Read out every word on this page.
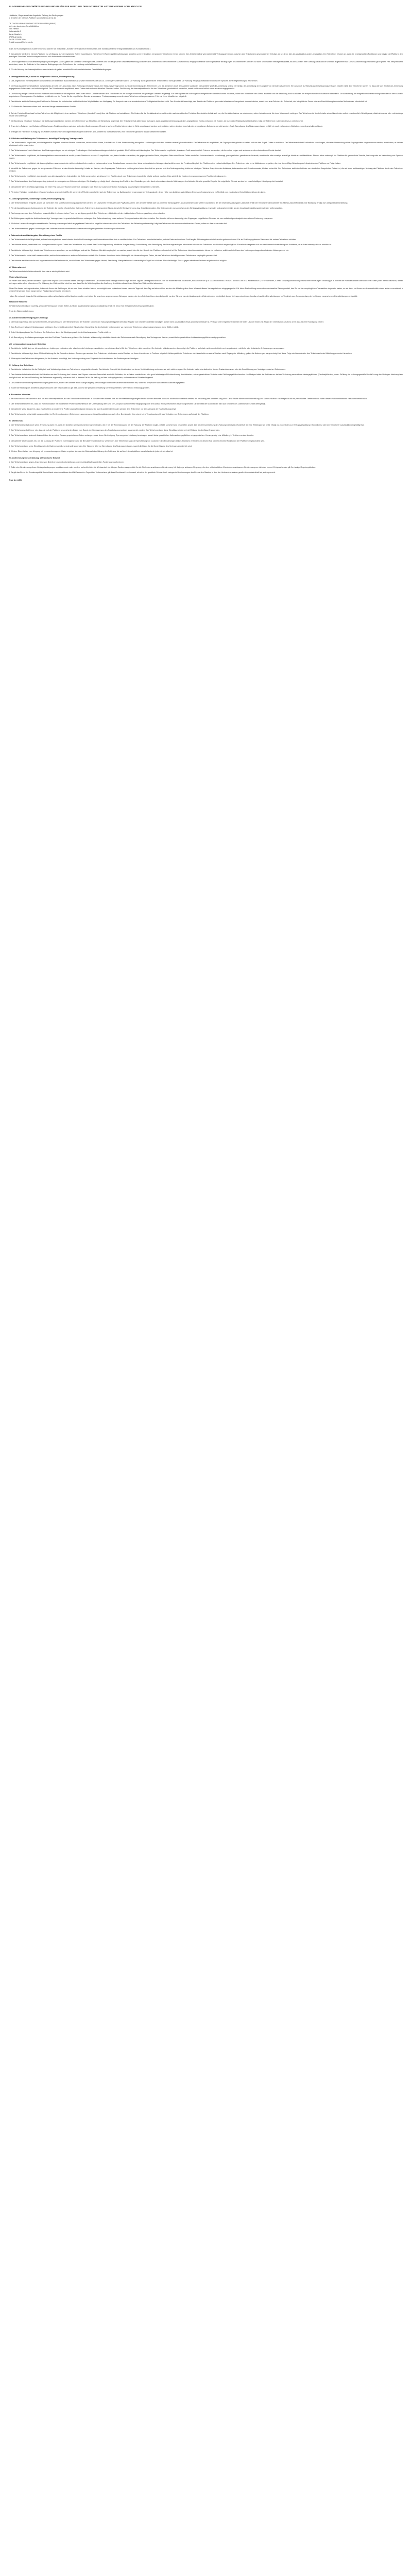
ALLGEMEINE GESCHÄFTSBEDINGUNGEN FÜR DIE NUTZUNG DER INTERNETPLATTFORM WWW.LORLANDO.DE

I. Anbieter, Gegenstand des Angebots, Geltung der Bedingungen

1. Anbieter der Internet-Plattform www.lorlando.de ist die

DE CAGRI MEHMED HEIMSTÄTTER LIMITED (BRKIT)
Vertreten durch den Geschäftsführer
Elek Herbst
Keltenstraße 3
Berlin Straße 9
57070 Arnstein
Tel: 06 1234567890
E-Mail: support@lorlando.de

(Falls Sie Kontakt per nicht-nutzen möchten, können Sie im Bereich „Kontakt“ eine Nachricht hinterlassen. Die Kontaktaufnahme erfolgt direkt über das Kontaktformular.)

2. Der Anbieter stellt eine Internet-Plattform zur Verfügung, auf der registrierte Nutzer (nachfolgend „Teilnehmer“) Waren und Dienstleistungen anbieten und in Interaktion mit anderen Teilnehmern treten können. Der Anbieter selbst wird dabei nicht Vertragspartner der zwischen den Teilnehmern geschlossenen Verträge, es sei denn, dies ist ausdrücklich anders angegeben. Der Teilnehmer erkennt an, dass die bereitgestellten Funktionen und Inhalte der Plattform dem jeweiligen Stand der Technik entsprechen und sich fortlaufend weiterentwickeln.

3. Diese Allgemeinen Geschäftsbedingungen (nachfolgend „AGB“) gelten für sämtliche Leistungen des Anbieters und für die gesamte Geschäftsbeziehung zwischen dem Anbieter und dem Teilnehmer. Abweichende, entgegenstehende oder ergänzende Bedingungen des Teilnehmers werden nur dann und insoweit Vertragsbestandteil, als der Anbieter ihrer Geltung ausdrücklich schriftlich zugestimmt hat. Dieses Zustimmungserfordernis gilt in jedem Fall, beispielsweise auch dann, wenn der Anbieter in Kenntnis der Bedingungen des Teilnehmers die Leistung vorbehaltlos erbringt.

4. Für die Nutzung der Internetplattform www.lorlando.de gelten ausschließlich die nachstehenden Geschäftsbedingungen.

II. Vertragsabschluss, Kosten für entgeltliche Dienste, Preisanpassung

1. Das Angebot der Internetplattform www.lorlando.de richtet sich ausschließlich an private Teilnehmer, die das 18. Lebensjahr vollendet haben. Die Nutzung durch gewerbliche Teilnehmer ist nicht gestattet. Die Nutzung erfolgt grundsätzlich in deutscher Sprache. Eine Registrierung ist erforderlich.

2. Die Nutzung der Internetplattform www.lorlando.de setzt den Abschluss eines Nutzungsvertrages voraus. Der Nutzungsvertrag kommt durch die Anmeldung des Teilnehmers und die Annahme durch den Anbieter zustande. Der Anbieter prüft die Anmeldung und ist berechtigt, die Anmeldung ohne Angabe von Gründen abzulehnen. Ein Anspruch auf Abschluss eines Nutzungsvertrages besteht nicht. Der Teilnehmer sichert zu, dass alle von ihm bei der Anmeldung angegebenen Daten wahr und vollständig sind. Der Teilnehmer ist verpflichtet, seine Daten stets auf dem aktuellen Stand zu halten. Die Nutzung der Internetplattform ist für den Teilnehmer grundsätzlich kostenlos, soweit nicht ausdrücklich etwas anderes angegeben ist.

3. Die Nutzung einiger Dienste auf der Plattform www.lorlando.de ist entgeltlich. Die Kosten dieser Dienste werden dem Teilnehmer vor der Inanspruchnahme des jeweiligen Dienstes angezeigt. Ein Vertrag über die Nutzung eines entgeltlichen Dienstes kommt zustande, indem der Teilnehmer den Dienst auswählt und die Bestellung durch Anklicken der entsprechenden Schaltfläche abschließt. Die Abrechnung der entgeltlichen Dienste erfolgt über die von dem Anbieter angebotenen Zahlungsarten. Der Anbieter behält sich vor, die Preise für die entgeltlichen Dienste anzupassen. Preisanpassungen werden dem Teilnehmer mit angemessener Frist vor ihrem Inkrafttreten mitgeteilt.

4. Der Anbieter stellt die Nutzung der Plattform im Rahmen der technischen und betrieblichen Möglichkeiten zur Verfügung. Ein Anspruch auf eine ununterbrochene Verfügbarkeit besteht nicht. Der Anbieter ist berechtigt, den Betrieb der Plattform ganz oder teilweise vorübergehend einzuschränken, soweit dies aus Gründen der Sicherheit, der Integrität der Server oder zur Durchführung technischer Maßnahmen erforderlich ist.

5. Für Preise für Personen richten sich nach der Menge der erworbenen Punkte.

6. Bei der Funktion Einverkauf hat der Teilnehmer die Möglichkeit, einen weiteren Teilnehmer (fremde Person) über die Plattform zu kontaktieren. Die Kosten für die Kontaktaufnahme richten sich nach der aktuellen Preisliste. Der Anbieter behält sich vor, die Kontaktaufnahme zu unterbinden, sofern Anhaltspunkte für einen Missbrauch vorliegen. Der Teilnehmer ist für die Inhalte seiner Nachrichten selbst verantwortlich. Beleidigende, diskriminierende oder rechtswidrige Inhalte sind untersagt.

7. Die Bezahlung erfolgt per Vorkasse. Die Zahlungsmöglichkeiten werden dem Teilnehmer vor Abschluss der Bestellung angezeigt. Der Teilnehmer hat dafür Sorge zu tragen, dass ausreichend Deckung auf dem angegebenen Konto vorhanden ist. Kosten, die durch eine Rücklastschrift entstehen, trägt der Teilnehmer, sofern er diese zu vertreten hat.

8. Erwerbe im Rahmen von Guthaben (Abbuchungen Punkte) erfolgen nach den geltenden Bestimmungen. Einmal erworbene Punkte können nicht in Geld umgetauscht werden und verfallen, sofern sie nicht innerhalb des angegebenen Zeitraums genutzt werden. Nach Beendigung des Nutzungsvertrages verfällt ein noch vorhandenes Guthaben, soweit gesetzlich zulässig.

9. Anfragen im Falle einer Kündigung des Nutzers werden nach den allgemeinen Regeln bearbeitet. Der Anbieter ist nicht verpflichtet, vom Teilnehmer gelöschte Inhalte wiederherzustellen.

III. Pflichten und Haftung des Teilnehmers, freiwillige Kündigung, Vertragsstrafe

1. Der Teilnehmer ist verpflichtet, wahrheitsgemäße Angaben zu seiner Person zu machen, insbesondere Name, Anschrift und E-Mail-Adresse richtig anzugeben. Änderungen sind dem Anbieter unverzüglich mitzuteilen. Der Teilnehmer ist verpflichtet, die Zugangsdaten geheim zu halten und vor dem Zugriff Dritter zu schützen. Der Teilnehmer haftet für sämtliche Handlungen, die unter Verwendung seiner Zugangsdaten vorgenommen werden, es sei denn, er hat den Missbrauch nicht zu vertreten.

2. Der Teilnehmer darf nach Abschluss des Nutzungsvertrages nur ein einziges Profil anlegen. Mehrfachanmeldungen sind nicht gestattet. Ein Profil ist nicht übertragbar. Der Teilnehmer ist verpflichtet, in seinem Profil ausschließlich Fotos zu verwenden, die ihn selbst zeigen und an denen er die erforderlichen Rechte besitzt.

3. Der Teilnehmer ist verpflichtet, die Internetplattform www.lorlando.de nur für private Zwecke zu nutzen. Er verpflichtet sich, keine Inhalte einzustellen, die gegen geltendes Recht, die guten Sitten oder Rechte Dritter verstoßen. Insbesondere ist es untersagt, pornografische, gewaltverherrlichende, rassistische oder sonstige anstößige Inhalte zu veröffentlichen. Ebenso ist es untersagt, die Plattform für gewerbliche Zwecke, Werbung oder zur Verbreitung von Spam zu nutzen.

4. Der Teilnehmer ist verpflichtet, die Internetplattform www.lorlando.de nicht missbräuchlich zu nutzen, insbesondere keine Schadsoftware zu verbreiten, keine automatisierten Abfragen durchzuführen und die Funktionsfähigkeit der Plattform nicht zu beeinträchtigen. Der Teilnehmer wird keine Maßnahmen ergreifen, die eine übermäßige Belastung der Infrastruktur der Plattform zur Folge haben.

5. Verstößt der Teilnehmer gegen die vorgenannten Pflichten, ist der Anbieter berechtigt, Inhalte zu löschen, den Zugang des Teilnehmers vorübergehend oder dauerhaft zu sperren und den Nutzungsvertrag fristlos zu kündigen. Weitere Ansprüche des Anbieters, insbesondere auf Schadensersatz, bleiben unberührt. Der Teilnehmer stellt den Anbieter von sämtlichen Ansprüchen Dritter frei, die auf einer rechtswidrigen Nutzung der Plattform durch den Teilnehmer beruhen.

6. Der Teilnehmer ist verpflichtet, den Anbieter von allen Ansprüchen freizustellen, die Dritte wegen einer Verletzung ihrer Rechte durch vom Teilnehmer eingestellte Inhalte geltend machen. Dies schließt die Kosten einer angemessenen Rechtsverteidigung ein.

7. Der Teilnehmer kann den Nutzungsvertrag jederzeit ohne Angabe von Gründen kündigen. Die Kündigung erfolgt durch Löschung des Profils in den Einstellungen oder durch eine entsprechende Mitteilung an den Anbieter. Bereits gezahlte Entgelte für entgeltliche Dienste werden bei einer freiwilligen Kündigung nicht erstattet.

8. Der Anbieter kann den Nutzungsvertrag mit einer Frist von zwei Wochen ordentlich kündigen. Das Recht zur außerordentlichen Kündigung aus wichtigem Grund bleibt unberührt.

9. Für jeden Fall einer vorsätzlichen Zuwiderhandlung gegen die in Ziffer III. genannten Pflichten verpflichtet sich der Teilnehmer zur Zahlung einer angemessenen Vertragsstrafe, deren Höhe vom Anbieter nach billigem Ermessen festgesetzt und im Streitfall vom zuständigen Gericht überprüft werden kann.

IV. Zahlungsoptionen, notwendige Daten, Rechnungslegung

1. Der Teilnehmer kann Entgelte, soweit sie nicht über eine Mobilfunkrechnung abgerechnet werden, per Lastschrift, Kreditkarte oder PayPal bezahlen. Der Anbieter behält sich vor, einzelne Zahlungsarten auszuschließen oder weitere anzubieten. Bei der Wahl der Zahlungsart Lastschrift erteilt der Teilnehmer dem Anbieter ein SEPA-Lastschriftmandat. Die Belastung erfolgt zum Zeitpunkt der Bestellung.

2. Für die Abwicklung der Zahlung erhebt der Anbieter die hierfür erforderlichen Daten des Teilnehmers, insbesondere Name, Anschrift, Bankverbindung bzw. Kreditkartendaten. Die Daten werden nur zum Zweck der Zahlungsabwicklung verwendet und gegebenenfalls an den beauftragten Zahlungsdienstleister weitergegeben.

3. Rechnungen werden dem Teilnehmer ausschließlich in elektronischer Form zur Verfügung gestellt. Der Teilnehmer erklärt sich mit der elektronischen Rechnungsstellung einverstanden.

4. Bei Zahlungsverzug ist der Anbieter berechtigt, Verzugszinsen in gesetzlicher Höhe zu verlangen. Die Geltendmachung eines weiteren Verzugsschadens bleibt vorbehalten. Der Anbieter ist ferner berechtigt, den Zugang zu entgeltlichen Diensten bis zum vollständigen Ausgleich der offenen Forderung zu sperren.

5. Wird eine Lastschrift mangels ausreichender Deckung oder wegen falsch angegebener Daten nicht eingelöst oder widerspricht der Teilnehmer der Belastung unberechtigt, trägt der Teilnehmer die dadurch entstehenden Kosten, sofern er dies zu vertreten hat.

6. Der Teilnehmer kann gegen Forderungen des Anbieters nur mit unbestrittenen oder rechtskräftig festgestellten Forderungen aufrechnen.

V. Datenschutz und Weitergabe, Einrichtung eines Profils

1. Der Teilnehmer hat die Möglichkeit, auf der Internetplattform www.lorlando.de ein Profil anzulegen und Informationen über sich zu veröffentlichen. Der Teilnehmer entscheidet selbst, welche Daten er in seinem Profil angibt. Pflichtangaben sind als solche gekennzeichnet. Die im Profil angegebenen Daten sind für andere Teilnehmer sichtbar.

2. Der Anbieter erhebt, verarbeitet und nutzt personenbezogene Daten des Teilnehmers nur, soweit dies für die Begründung, inhaltliche Ausgestaltung, Durchführung oder Beendigung des Nutzungsvertrages erforderlich ist oder der Teilnehmer ausdrücklich eingewilligt hat. Einzelheiten ergeben sich aus der Datenschutzerklärung des Anbieters, die auf der Internetplattform abrufbar ist.

3. Der Anbieter ist berechtigt, Inhalte des Teilnehmers zu speichern, zu vervielfältigen und auf der Plattform öffentlich zugänglich zu machen, soweit dies für den Betrieb der Plattform erforderlich ist. Der Teilnehmer räumt dem Anbieter hierzu ein einfaches, zeitlich auf die Dauer des Nutzungsvertrages beschränktes Nutzungsrecht ein.

4. Der Teilnehmer ist selbst dafür verantwortlich, welche Informationen er anderen Teilnehmern mitteilt. Der Anbieter übernimmt keine Haftung für die Verwendung von Daten, die der Teilnehmer freiwillig anderen Teilnehmern zugänglich gemacht hat.

5. Der Anbieter setzt technische und organisatorische Maßnahmen ein, um die Daten des Teilnehmers gegen Verlust, Zerstörung, Manipulation und unberechtigten Zugriff zu schützen. Ein vollständiger Schutz gegen sämtliche Gefahren ist jedoch nicht möglich.

VI. Widerrufsrecht

Der Teilnehmer hat ein Widerrufsrecht, über das er wie folgt belehrt wird:

Widerrufsbelehrung

Sie haben das Recht, binnen vierzehn Tagen ohne Angabe von Gründen diesen Vertrag zu widerrufen. Die Widerrufsfrist beträgt vierzehn Tage ab dem Tag des Vertragsabschlusses. Um Ihr Widerrufsrecht auszuüben, müssen Sie uns (DE CAGRI MEHMED HEIMSTÄTTER LIMITED, Keltenstraße 3, 57070 Arnstein, E-Mail: support@lorlando.de) mittels einer eindeutigen Erklärung (z. B. ein mit der Post versandter Brief oder eine E-Mail) über Ihren Entschluss, diesen Vertrag zu widerrufen, informieren. Zur Wahrung der Widerrufsfrist reicht es aus, dass Sie die Mitteilung über die Ausübung des Widerrufsrechts vor Ablauf der Widerrufsfrist absenden.

Wenn Sie diesen Vertrag widerrufen, haben wir Ihnen alle Zahlungen, die wir von Ihnen erhalten haben, unverzüglich und spätestens binnen vierzehn Tagen ab dem Tag zurückzuzahlen, an dem die Mitteilung über Ihren Widerruf dieses Vertrags bei uns eingegangen ist. Für diese Rückzahlung verwenden wir dasselbe Zahlungsmittel, das Sie bei der ursprünglichen Transaktion eingesetzt haben, es sei denn, mit Ihnen wurde ausdrücklich etwas anderes vereinbart; in keinem Fall werden Ihnen wegen dieser Rückzahlung Entgelte berechnet.

Haben Sie verlangt, dass die Dienstleistungen während der Widerrufsfrist beginnen sollen, so haben Sie uns einen angemessenen Betrag zu zahlen, der dem Anteil der bis zu dem Zeitpunkt, zu dem Sie uns von der Ausübung des Widerrufsrechts hinsichtlich dieses Vertrags unterrichten, bereits erbrachten Dienstleistungen im Vergleich zum Gesamtumfang der im Vertrag vorgesehenen Dienstleistungen entspricht.

Besondere Hinweise

Ihr Widerrufsrecht erlischt vorzeitig, wenn der Vertrag von beiden Seiten auf Ihren ausdrücklichen Wunsch vollständig erfüllt ist, bevor Sie Ihr Widerrufsrecht ausgeübt haben.

Ende der Widerrufsbelehrung

VII. Laufzeit und Beendigung des Vertrags

1. Der Nutzungsvertrag wird auf unbestimmte Zeit geschlossen. Der Teilnehmer und der Anbieter können den Nutzungsvertrag jederzeit ohne Angabe von Gründen ordentlich kündigen, soweit nicht ausdrücklich etwas anderes vereinbart ist. Verträge über entgeltliche Dienste mit fester Laufzeit enden mit Ablauf der vereinbarten Laufzeit, ohne dass es einer Kündigung bedarf.

2. Das Recht zur fristlosen Kündigung aus wichtigem Grund bleibt unberührt. Ein wichtiger Grund liegt für den Anbieter insbesondere vor, wenn der Teilnehmer schwerwiegend gegen diese AGB verstößt.

3. Jede Kündigung bedarf der Textform. Der Teilnehmer kann die Kündigung auch durch Löschung seines Profils erklären.

4. Mit Beendigung des Nutzungsvertrages wird das Profil des Teilnehmers gelöscht. Der Anbieter ist berechtigt, sämtliche Inhalte des Teilnehmers nach Beendigung des Vertrages zu löschen, soweit keine gesetzlichen Aufbewahrungspflichten entgegenstehen.

VIII. Leistungsänderung durch Betreiber

1. Der Anbieter behält sich vor, die angebotenen Leistungen zu ändern oder abweichende Leistungen anzubieten, es sei denn, dies ist für den Teilnehmer nicht zumutbar. Der Anbieter ist insbesondere berechtigt, die Plattform technisch weiterzuentwickeln und an geänderte rechtliche oder technische Anforderungen anzupassen.

2. Der Anbieter ist berechtigt, diese AGB mit Wirkung für die Zukunft zu ändern. Änderungen werden dem Teilnehmer mindestens sechs Wochen vor ihrem Inkrafttreten in Textform mitgeteilt. Widerspricht der Teilnehmer nicht innerhalb von sechs Wochen nach Zugang der Mitteilung, gelten die Änderungen als genehmigt. Auf diese Folge wird der Anbieter den Teilnehmer in der Mitteilung gesondert hinweisen.

3. Widerspricht der Teilnehmer fristgerecht, ist der Anbieter berechtigt, den Nutzungsvertrag zum Zeitpunkt des Inkrafttretens der Änderungen zu kündigen.

IX. Haftung des Betreibers

1. Der Anbieter haftet nicht für die Richtigkeit und Vollständigkeit der von Teilnehmern eingestellten Inhalte. Der Anbieter überprüft die Inhalte nicht vor deren Veröffentlichung und macht sie sich nicht zu eigen. Der Anbieter haftet ebenfalls nicht für das Zustandekommen oder die Durchführung von Verträgen zwischen Teilnehmern.

2. Der Anbieter haftet unbeschränkt für Schäden aus der Verletzung des Lebens, des Körpers oder der Gesundheit sowie für Schäden, die auf einer vorsätzlichen oder grob fahrlässigen Pflichtverletzung des Anbieters, seiner gesetzlichen Vertreter oder Erfüllungsgehilfen beruhen. Im Übrigen haftet der Anbieter nur bei der Verletzung wesentlicher Vertragspflichten (Kardinalpflichten), deren Erfüllung die ordnungsgemäße Durchführung des Vertrages überhaupt erst ermöglicht und auf deren Einhaltung der Teilnehmer regelmäßig vertrauen darf. In diesem Fall ist die Haftung auf den vertragstypischen, vorhersehbaren Schaden begrenzt.

3. Die vorstehenden Haftungsbeschränkungen gelten nicht, soweit der Anbieter einen Mangel arglistig verschwiegen oder eine Garantie übernommen hat, sowie für Ansprüche nach dem Produkthaftungsgesetz.

4. Soweit die Haftung des Anbieters ausgeschlossen oder beschränkt ist, gilt dies auch für die persönliche Haftung seiner Angestellten, Vertreter und Erfüllungsgehilfen.

X. Besondere Hinweise

1. Bei www.lorlando.de handelt es sich um eine Internetplattform, auf der Teilnehmer miteinander in Kontakt treten können. Die auf der Plattform angezeigten Profile können teilweise auch von Moderatoren betreut werden, die im Auftrag des Anbieters tätig sind. Diese Profile dienen der Unterhaltung und Kommunikation. Ein Anspruch auf ein persönliches Treffen mit den hinter diesen Profilen stehenden Personen besteht nicht.

2. Der Teilnehmer erkennt an, dass die Kommunikation mit moderierten Profilen ausschließlich der Unterhaltung dient und kein Anspruch auf eine reale Begegnung oder den Aufbau einer persönlichen Beziehung besteht. Die Identität der Moderatoren wird aus Gründen des Datenschutzes nicht offengelegt.

3. Der Anbieter weist darauf hin, dass Nachrichten an moderierte Profile kostenpflichtig sein können. Die jeweils anfallenden Kosten werden dem Teilnehmer vor dem Versand der Nachricht angezeigt.

4. Der Teilnehmer ist selbst dafür verantwortlich, bei Treffen mit anderen Teilnehmern angemessene Vorsichtsmaßnahmen zu treffen. Der Anbieter übernimmt keine Verantwortung für das Verhalten von Teilnehmern außerhalb der Plattform.

XI. Datenschutz

1. Der Teilnehmer willigt durch seine Anmeldung darin ein, dass der Anbieter seine personenbezogenen Daten, die er bei der Anmeldung und bei der Nutzung der Plattform angibt, erhebt, speichert und verarbeitet, soweit dies für die Durchführung des Nutzungsvertrages erforderlich ist. Eine Weitergabe an Dritte erfolgt nur, soweit dies zur Vertragsabwicklung erforderlich ist oder der Teilnehmer ausdrücklich eingewilligt hat.

2. Der Teilnehmer willigt ferner ein, dass die auf der Plattform gespeicherten Daten zum Zweck der Verbesserung des Angebots anonymisiert ausgewertet werden. Der Teilnehmer kann diese Einwilligung jederzeit mit Wirkung für die Zukunft widerrufen.

3. Der Teilnehmer kann jederzeit Auskunft über die zu seiner Person gespeicherten Daten verlangen sowie deren Berichtigung, Sperrung oder Löschung beantragen, soweit keine gesetzlichen Aufbewahrungspflichten entgegenstehen. Hierzu genügt eine Mitteilung in Textform an den Anbieter.

4. Der Anbieter setzt Cookies ein, um die Nutzung der Plattform zu ermöglichen und die Benutzerfreundlichkeit zu verbessern. Der Teilnehmer kann die Speicherung von Cookies in den Einstellungen seines Browsers verhindern; in diesem Fall können einzelne Funktionen der Plattform eingeschränkt sein.

5. Der Teilnehmer kann seine Einwilligung in die Datenverarbeitung jederzeit widerrufen. Der Widerruf führt zur Beendigung des Nutzungsvertrages, soweit die Daten für die Durchführung des Vertrages erforderlich sind.

6. Weitere Einzelheiten zum Umgang mit personenbezogenen Daten ergeben sich aus der Datenschutzerklärung des Anbieters, die auf der Internetplattform www.lorlando.de jederzeit abrufbar ist.

XII. Aufrechnungsbeschränkung, salvatorische Klausel

1. Der Teilnehmer kann gegen Ansprüche von Betreibern nur mit unbestrittenen oder rechtskräftig festgestellten Forderungen aufrechnen.

2. Sollte eine Bestimmung dieser Vertragsbedingungen unwirksam sein oder werden, so berührt dies die Wirksamkeit der übrigen Bestimmungen nicht. An die Stelle der unwirksamen Bestimmung tritt diejenige wirksame Regelung, die dem wirtschaftlichen Zweck der unwirksamen Bestimmung am nächsten kommt. Entsprechendes gilt für etwaige Regelungslücken.

3. Es gilt das Recht der Bundesrepublik Deutschland unter Ausschluss des UN-Kaufrechts. Gegenüber Verbrauchern gilt diese Rechtswahl nur insoweit, als nicht der gewährte Schutz durch zwingende Bestimmungen des Rechts des Staates, in dem der Verbraucher seinen gewöhnlichen Aufenthalt hat, entzogen wird.

Ende der AGB
